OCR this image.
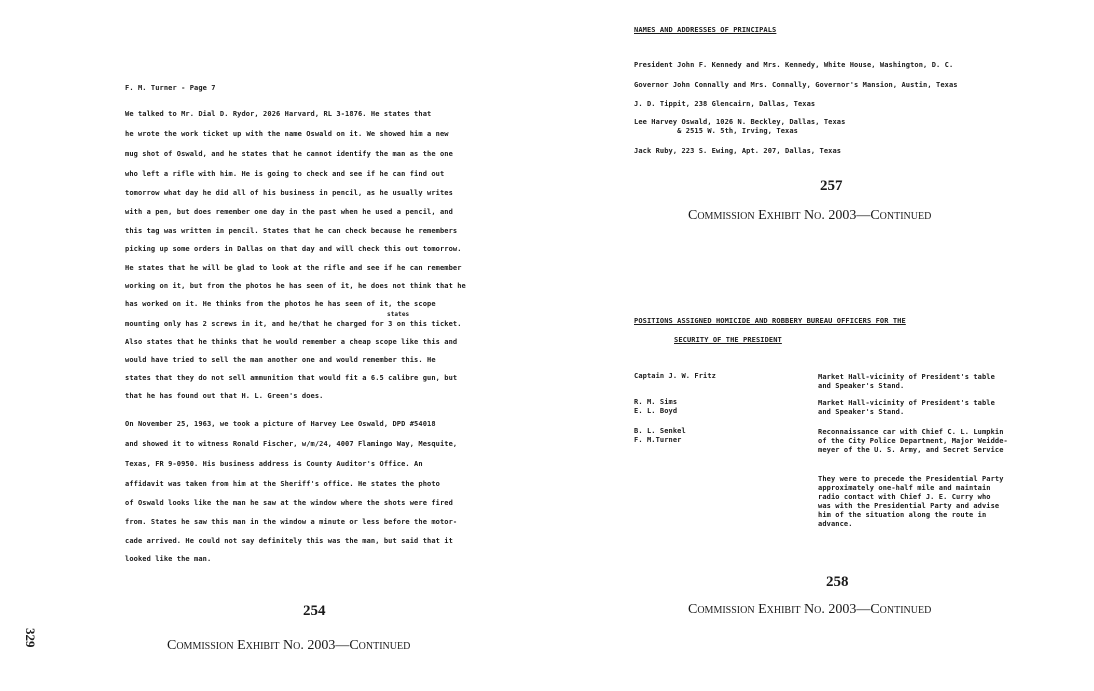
F. M. Turner - Page 7
We talked to Mr. Dial D. Rydor, 2026 Harvard, RL 3-1876. He states that
he wrote the work ticket up with the name Oswald on it. We showed him a new
mug shot of Oswald, and he states that he cannot identify the man as the one
who left a rifle with him. He is going to check and see if he can find out
tomorrow what day he did all of his business in pencil, as he usually writes
with a pen, but does remember one day in the past when he used a pencil, and
this tag was written in pencil. States that he can check because he remembers
picking up some orders in Dallas on that day and will check this out tomorrow.
He states that he will be glad to look at the rifle and see if he can remember
working on it, but from the photos he has seen of it, he does not think that he
has worked on it. He thinks from the photos he has seen of it, the scope
states
mounting only has 2 screws in it, and he/that he charged for 3 on this ticket.
Also states that he thinks that he would remember a cheap scope like this and
would have tried to sell the man another one and would remember this. He
states that they do not sell ammunition that would fit a 6.5 calibre gun, but
that he has found out that H. L. Green's does.
On November 25, 1963, we took a picture of Harvey Lee Oswald, DPD #54018
and showed it to witness Ronald Fischer, w/m/24, 4007 Flamingo Way, Mesquite,
Texas, FR 9-0950. His business address is County Auditor's Office. An
affidavit was taken from him at the Sheriff's office. He states the photo
of Oswald looks like the man he saw at the window where the shots were fired
from. States he saw this man in the window a minute or less before the motor-
cade arrived. He could not say definitely this was the man, but said that it
looked like the man.
254
Commission Exhibit No. 2003—Continued
329
NAMES AND ADDRESSES OF PRINCIPALS
President John F. Kennedy and Mrs. Kennedy, White House, Washington, D. C.
Governor John Connally and Mrs. Connally, Governor's Mansion, Austin, Texas
J. D. Tippit, 238 Glencairn, Dallas, Texas
Lee Harvey Oswald, 1026 N. Beckley, Dallas, Texas
& 2515 W. 5th, Irving, Texas
Jack Ruby, 223 S. Ewing, Apt. 207, Dallas, Texas
257
Commission Exhibit No. 2003—Continued
POSITIONS ASSIGNED HOMICIDE AND ROBBERY BUREAU OFFICERS FOR THE
SECURITY OF THE PRESIDENT
Captain J. W. Fritz
R. M. Sims
E. L. Boyd
B. L. Senkel
F. M.Turner
Market Hall-vicinity of President's table
and Speaker's Stand.
Market Hall-vicinity of President's table
and Speaker's Stand.
Reconnaissance car with Chief C. L. Lumpkin
of the City Police Department, Major Weidde-
meyer of the U. S. Army, and Secret Service
They were to precede the Presidential Party
approximately one-half mile and maintain
radio contact with Chief J. E. Curry who
was with the Presidential Party and advise
him of the situation along the route in
advance.
258
Commission Exhibit No. 2003—Continued
